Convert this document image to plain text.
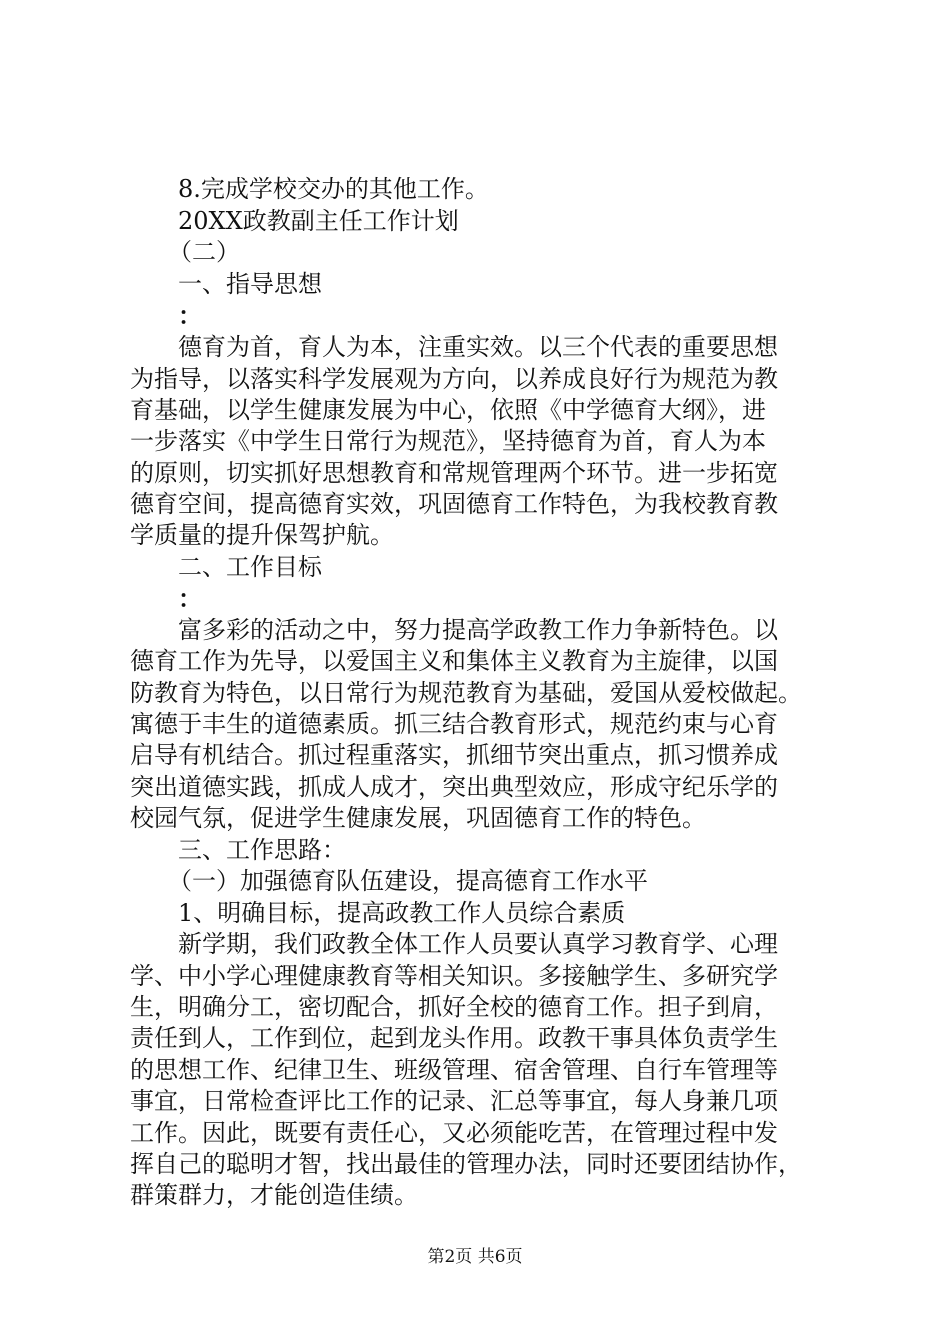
8.完成学校交办的其他工作。
20XX政教副主任工作计划
（二）
一、指导思想
：
德育为首，育人为本，注重实效。以三个代表的重要思想
为指导，以落实科学发展观为方向，以养成良好行为规范为教
育基础，以学生健康发展为中心，依照《中学德育大纲》，进
一步落实《中学生日常行为规范》，坚持德育为首，育人为本
的原则，切实抓好思想教育和常规管理两个环节。进一步拓宽
德育空间，提高德育实效，巩固德育工作特色，为我校教育教
学质量的提升保驾护航。
二、工作目标
：
富多彩的活动之中，努力提高学政教工作力争新特色。以
德育工作为先导，以爱国主义和集体主义教育为主旋律，以国
防教育为特色，以日常行为规范教育为基础，爱国从爱校做起。
寓德于丰生的道德素质。抓三结合教育形式，规范约束与心育
启导有机结合。抓过程重落实，抓细节突出重点，抓习惯养成
突出道德实践，抓成人成才，突出典型效应，形成守纪乐学的
校园气氛，促进学生健康发展，巩固德育工作的特色。
三、工作思路：
（一）加强德育队伍建设，提高德育工作水平
1、明确目标，提高政教工作人员综合素质
新学期，我们政教全体工作人员要认真学习教育学、心理
学、中小学心理健康教育等相关知识。多接触学生、多研究学
生，明确分工，密切配合，抓好全校的德育工作。担子到肩，
责任到人，工作到位，起到龙头作用。政教干事具体负责学生
的思想工作、纪律卫生、班级管理、宿舍管理、自行车管理等
事宜，日常检查评比工作的记录、汇总等事宜，每人身兼几项
工作。因此，既要有责任心，又必须能吃苦，在管理过程中发
挥自己的聪明才智，找出最佳的管理办法，同时还要团结协作，
群策群力，才能创造佳绩。
第2页 共6页
